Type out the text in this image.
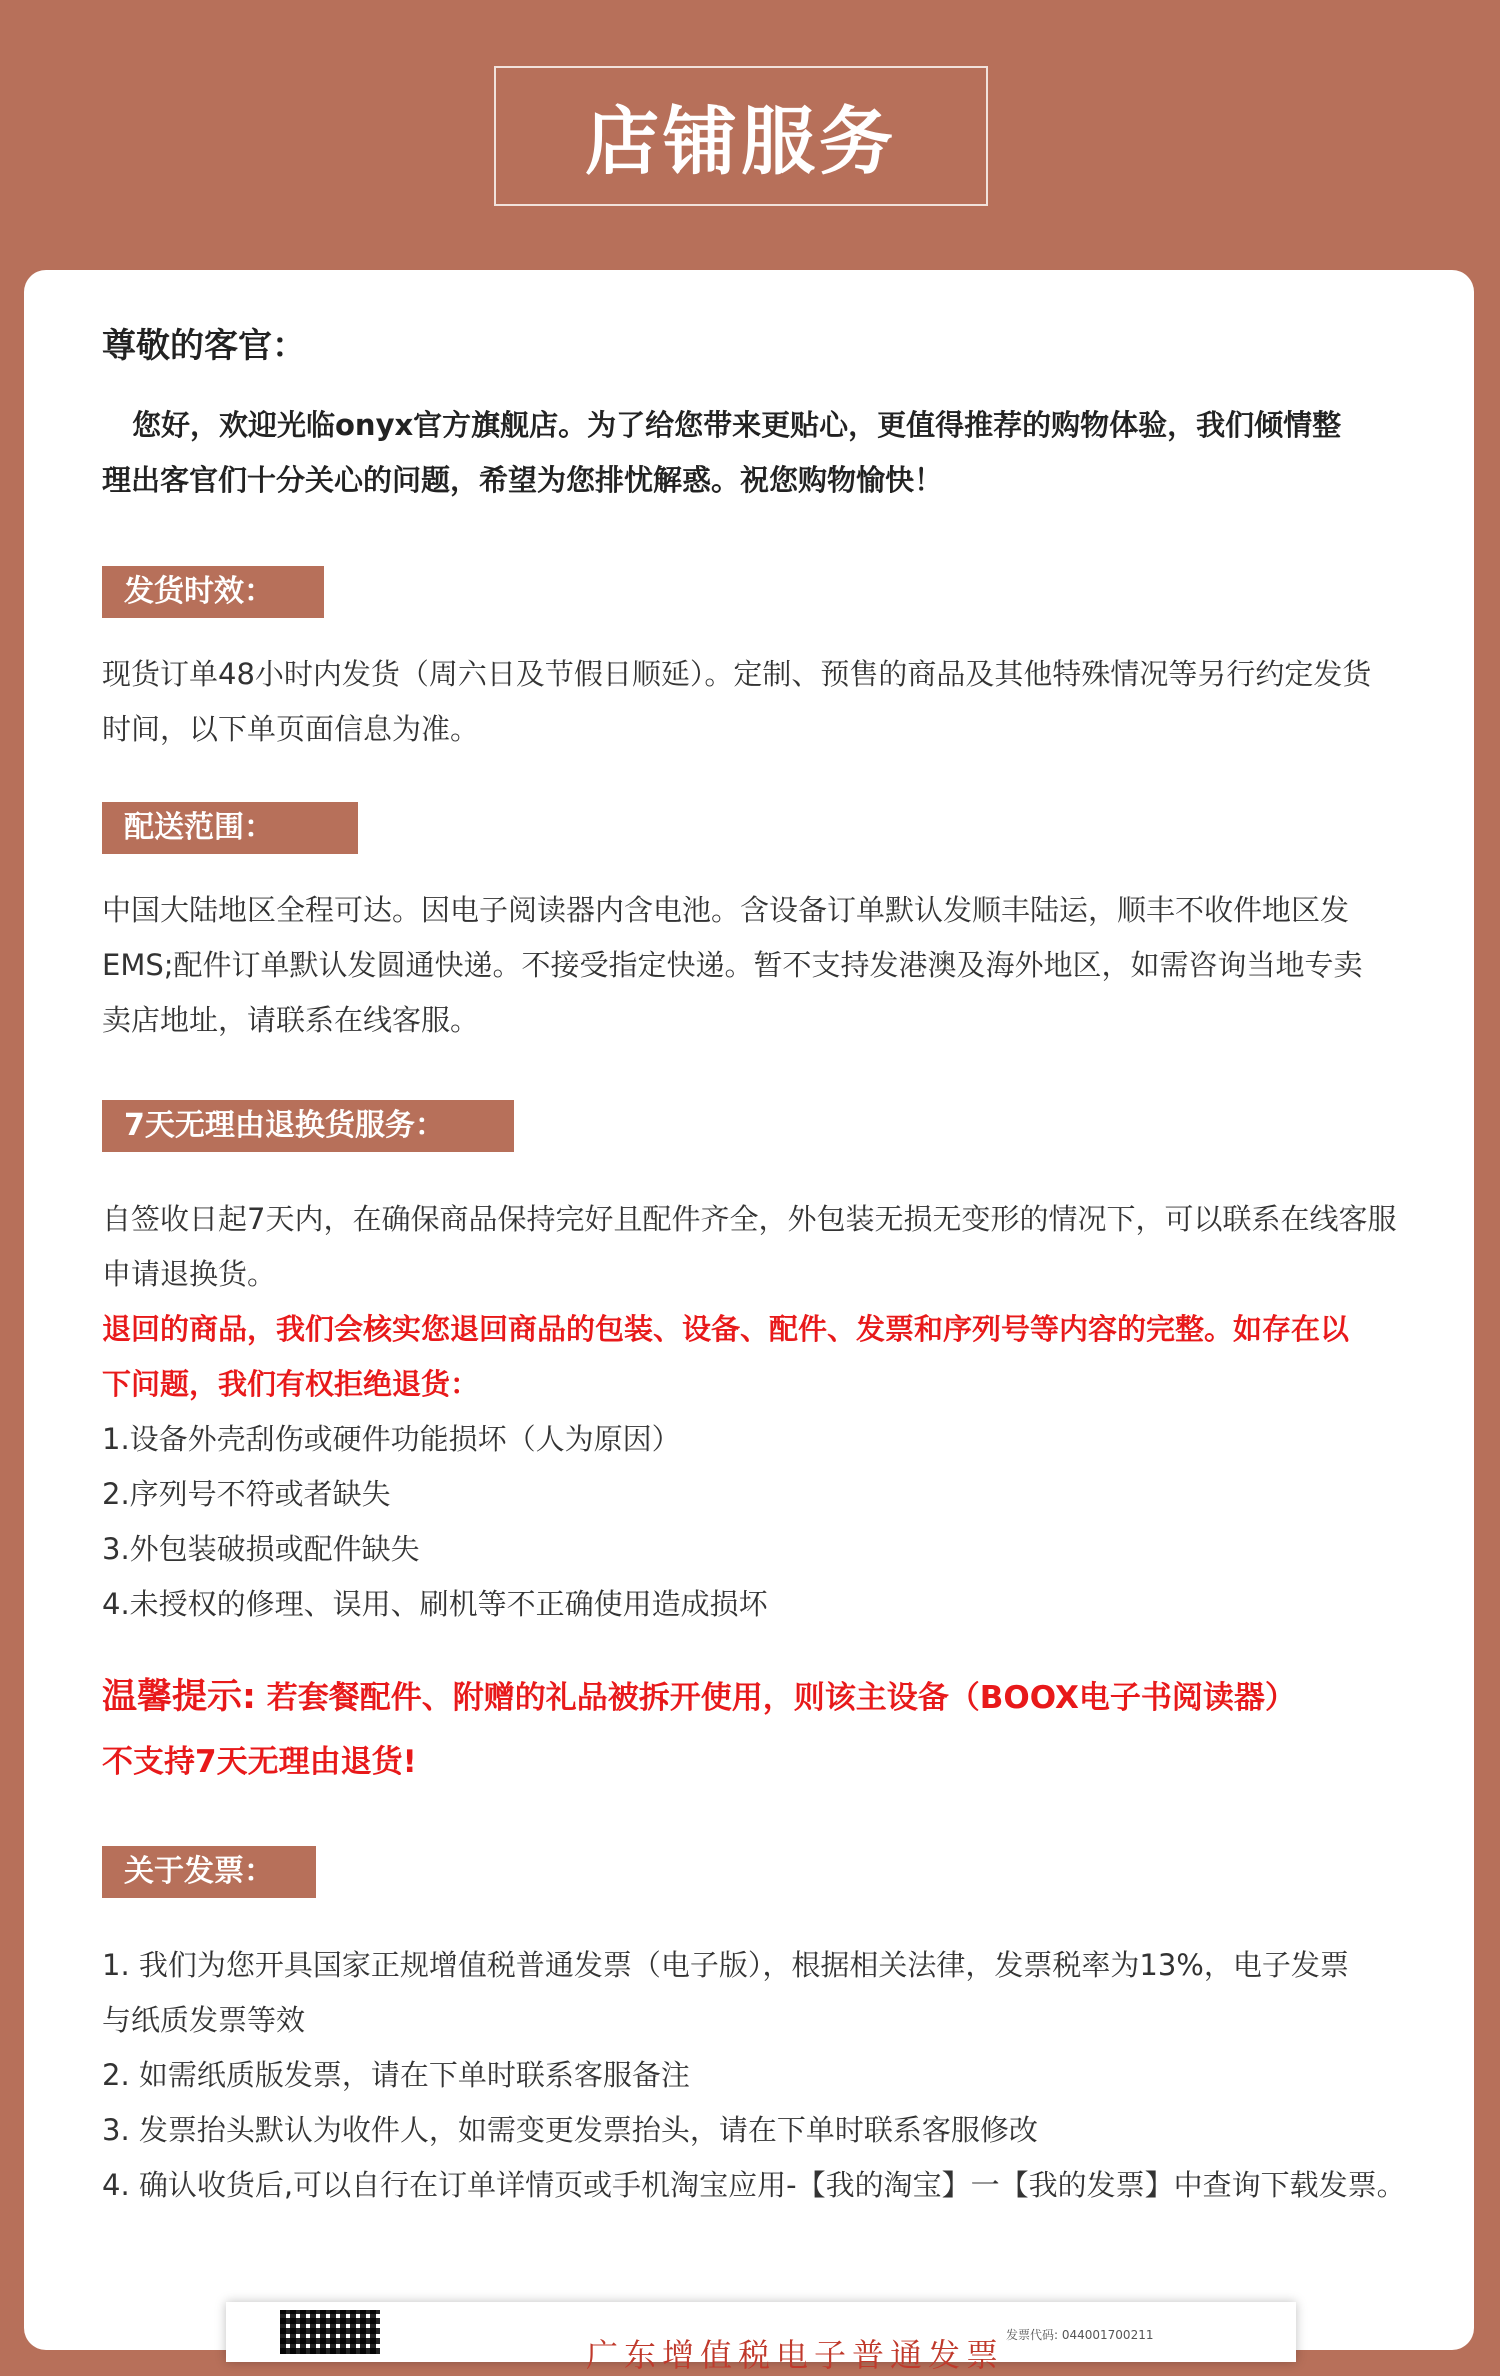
店铺服务
尊敬的客官：
您好，欢迎光临onyx官方旗舰店。为了给您带来更贴心，更值得推荐的购物体验，我们倾情整
理出客官们十分关心的问题，希望为您排忧解惑。祝您购物愉快！
发货时效：
现货订单48小时内发货（周六日及节假日顺延）。定制、预售的商品及其他特殊情况等另行约定发货
时间，以下单页面信息为准。
配送范围：
中国大陆地区全程可达。因电子阅读器内含电池。含设备订单默认发顺丰陆运，顺丰不收件地区发
EMS;配件订单默认发圆通快递。不接受指定快递。暂不支持发港澳及海外地区，如需咨询当地专卖
卖店地址，请联系在线客服。
7天无理由退换货服务：
自签收日起7天内，在确保商品保持完好且配件齐全，外包装无损无变形的情况下，可以联系在线客服
申请退换货。
退回的商品，我们会核实您退回商品的包装、设备、配件、发票和序列号等内容的完整。如存在以
下问题，我们有权拒绝退货：
1.设备外壳刮伤或硬件功能损坏（人为原因）
2.序列号不符或者缺失
3.外包装破损或配件缺失
4.未授权的修理、误用、刷机等不正确使用造成损坏
温馨提示: 若套餐配件、附赠的礼品被拆开使用，则该主设备（BOOX电子书阅读器）
不支持7天无理由退货!
关于发票：
1. 我们为您开具国家正规增值税普通发票（电子版），根据相关法律，发票税率为13%，电子发票
与纸质发票等效
2. 如需纸质版发票，请在下单时联系客服备注
3. 发票抬头默认为收件人，如需变更发票抬头，请在下单时联系客服修改
4. 确认收货后,可以自行在订单详情页或手机淘宝应用-【我的淘宝】一【我的发票】中查询下载发票。
广东增值税电子普通发票
发票代码: 044001700211
